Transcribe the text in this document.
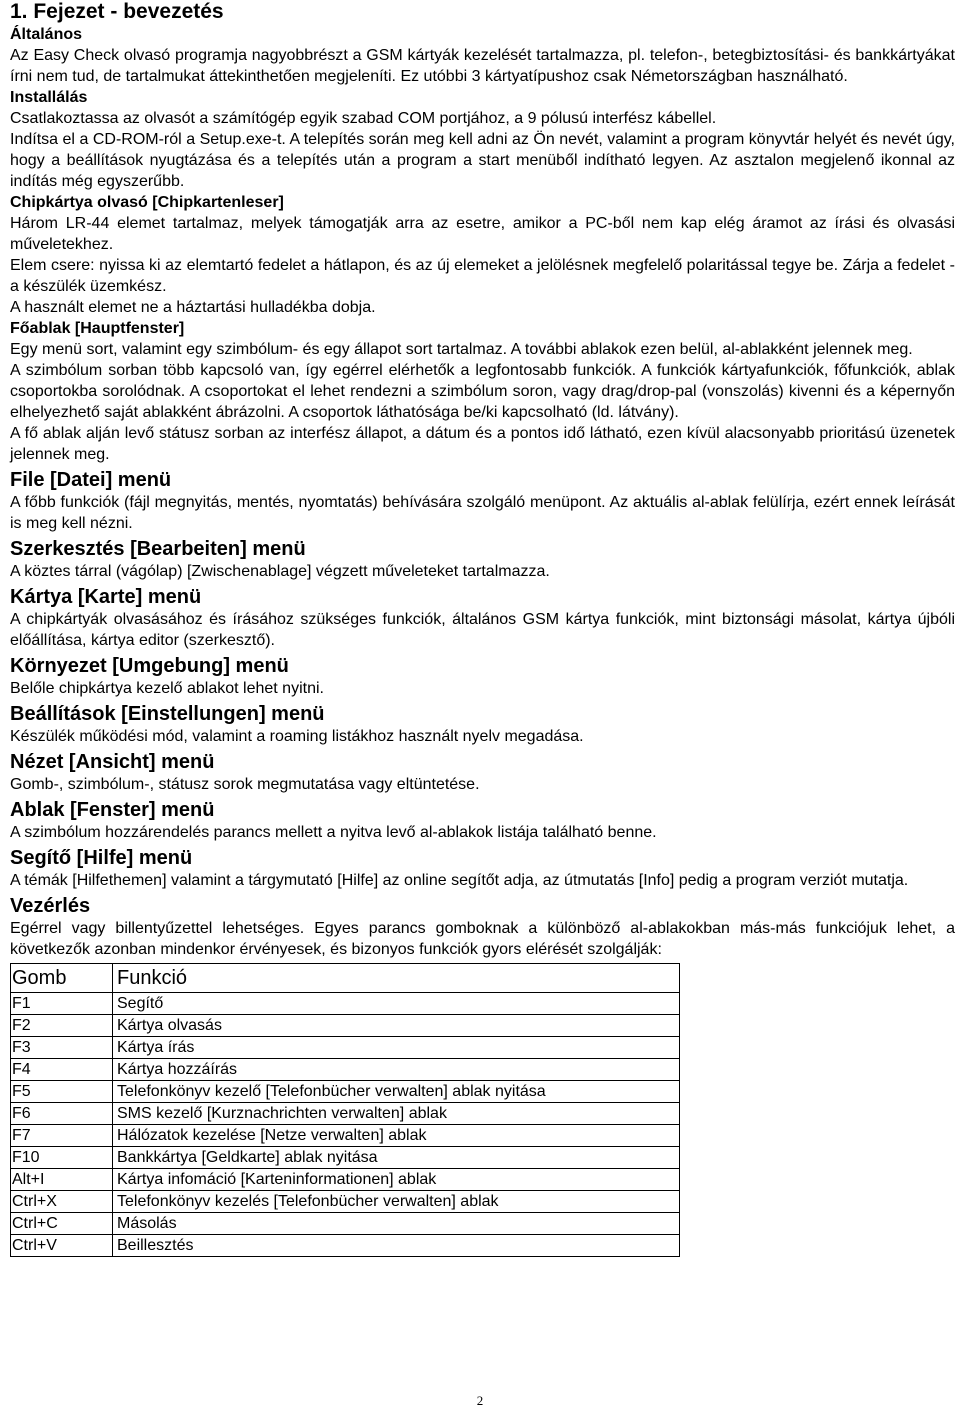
1. Fejezet - bevezetés
Általános

Az Easy Check olvasó programja nagyobbrészt a GSM kártyák kezelését tartalmazza, pl. telefon-, betegbiztosítási- és bankkártyákat írni nem tud, de tartalmukat áttekinthetően megjeleníti. Ez utóbbi 3 kártyatípushoz csak Németországban használható.

Installálás

Csatlakoztassa az olvasót a számítógép egyik szabad COM portjához, a 9 pólusú interfész kábellel.

Indítsa el a CD-ROM-ról a Setup.exe-t. A telepítés során meg kell adni az Ön nevét, valamint a program könyvtár helyét és nevét úgy, hogy a beállítások nyugtázása és a telepítés után a program a start menüből indítható legyen. Az asztalon megjelenő ikonnal az indítás még egyszerűbb.

Chipkártya olvasó [Chipkartenleser]

Három LR-44 elemet tartalmaz, melyek támogatják arra az esetre, amikor a PC-ből nem kap elég áramot az írási és olvasási műveletekhez.

Elem csere: nyissa ki az elemtartó fedelet a hátlapon, és az új elemeket a jelölésnek megfelelő polaritással tegye be. Zárja a fedelet - a készülék üzemkész.

A használt elemet ne a háztartási hulladékba dobja.

Főablak [Hauptfenster]

Egy menü sort, valamint egy szimbólum- és egy állapot sort tartalmaz. A további ablakok ezen belül, al-ablakként jelennek meg.

A szimbólum sorban több kapcsoló van, így egérrel elérhetők a legfontosabb funkciók. A funkciók kártyafunkciók, főfunkciók, ablak csoportokba sorolódnak. A csoportokat el lehet rendezni a szimbólum soron, vagy drag/drop-pal (vonszolás) kivenni és a képernyőn elhelyezhető saját ablakként ábrázolni. A csoportok láthatósága be/ki kapcsolható (ld. látvány).

A fő ablak alján levő státusz sorban az interfész állapot, a dátum és a pontos idő látható, ezen kívül alacsonyabb prioritású üzenetek jelennek meg.

File [Datei] menü

A főbb funkciók (fájl megnyitás, mentés, nyomtatás) behívására szolgáló menüpont. Az aktuális al-ablak felülírja, ezért ennek leírását is meg kell nézni.

Szerkesztés [Bearbeiten] menü

A köztes tárral (vágólap) [Zwischenablage] végzett műveleteket tartalmazza.

Kártya [Karte] menü

A chipkártyák olvasásához és írásához szükséges funkciók, általános GSM kártya funkciók, mint biztonsági másolat, kártya újbóli előállítása, kártya editor (szerkesztő).

Környezet [Umgebung] menü

Belőle chipkártya kezelő ablakot lehet nyitni.

Beállítások [Einstellungen] menü

Készülék működési mód, valamint a roaming listákhoz használt nyelv megadása.

Nézet [Ansicht] menü

Gomb-, szimbólum-, státusz sorok megmutatása vagy eltüntetése.

Ablak [Fenster] menü

A szimbólum hozzárendelés parancs mellett a nyitva levő al-ablakok listája található benne.

Segítő [Hilfe] menü

A témák [Hilfethemen] valamint a tárgymutató [Hilfe] az online segítőt adja, az útmutatás [Info] pedig a program verziót mutatja.

Vezérlés

Egérrel vagy billentyűzettel lehetséges. Egyes parancs gomboknak a különböző al-ablakokban más-más funkciójuk lehet, a következők azonban mindenkor érvényesek, és bizonyos funkciók gyors elérését szolgálják:

Gomb	Funkció
F1	Segítő
F2	Kártya olvasás
F3	Kártya írás
F4	Kártya hozzáírás
F5	Telefonkönyv kezelő [Telefonbücher verwalten] ablak nyitása
F6	SMS kezelő [Kurznachrichten verwalten] ablak
F7	Hálózatok kezelése [Netze verwalten] ablak
F10	Bankkártya [Geldkarte] ablak nyitása
Alt+I	Kártya infomáció [Karteninformationen] ablak
Ctrl+X	Telefonkönyv kezelés [Telefonbücher verwalten] ablak
Ctrl+C	Másolás
Ctrl+V	Beillesztés
2
